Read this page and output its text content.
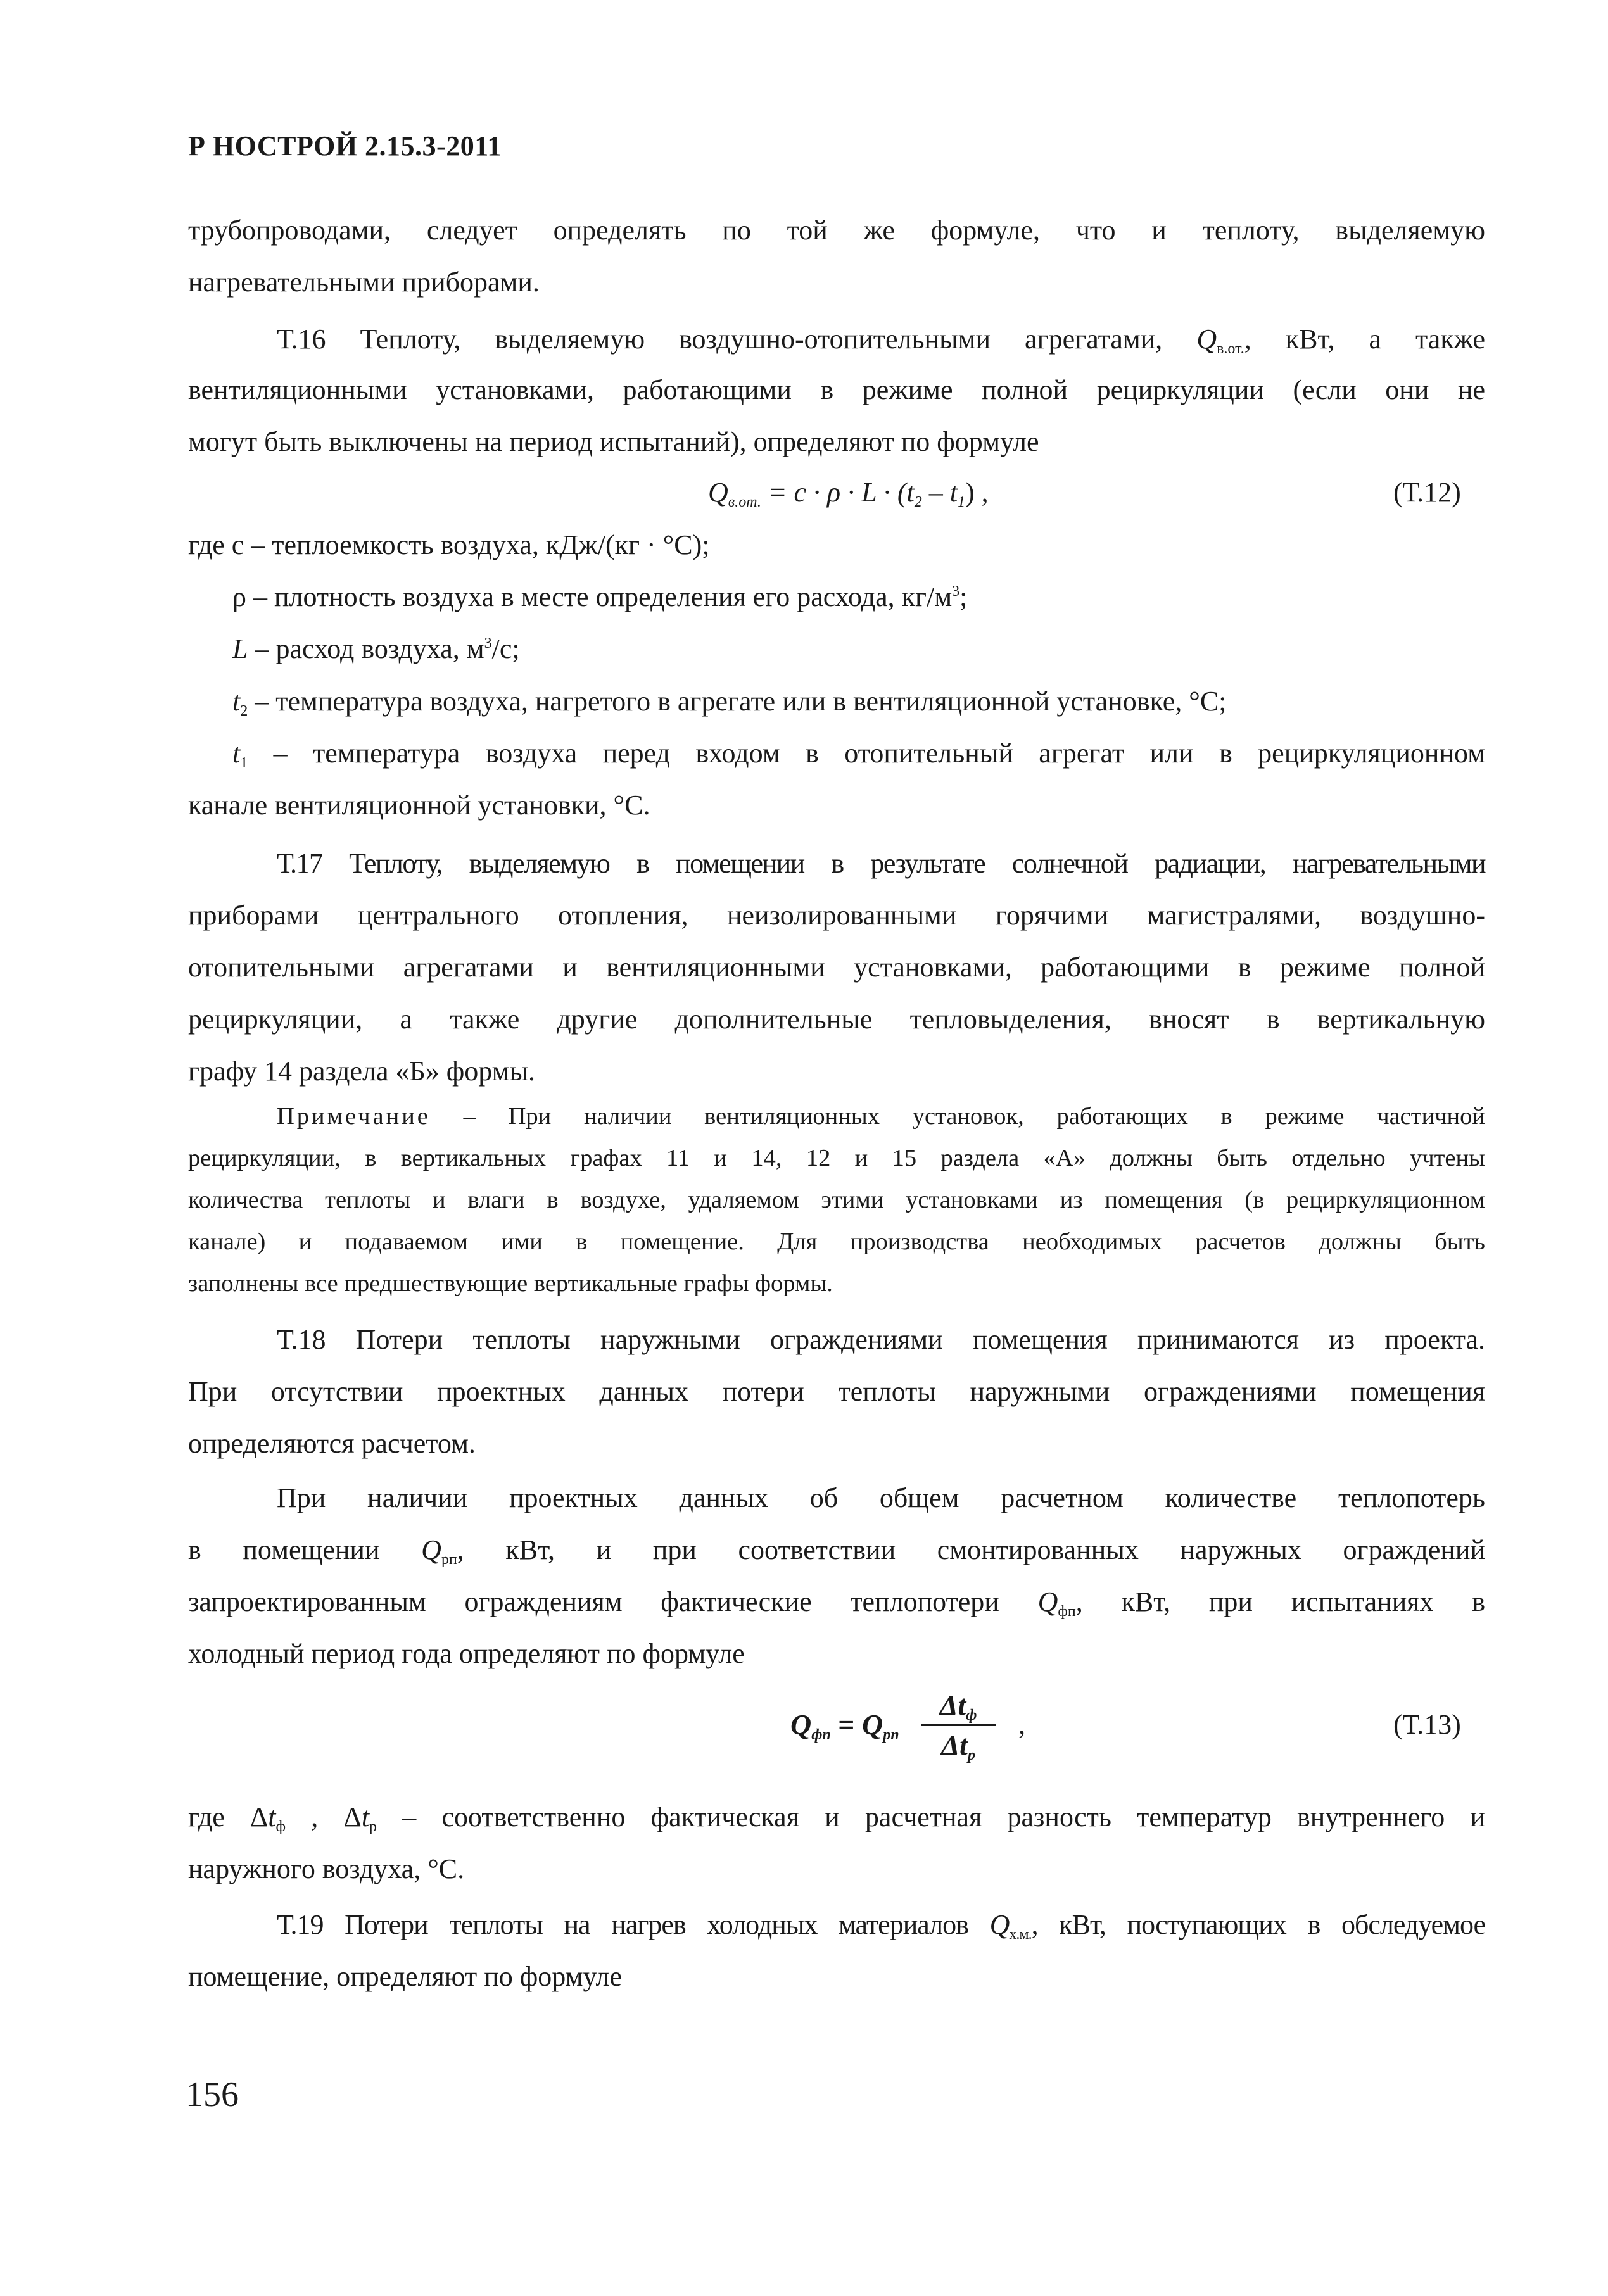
Р НОСТРОЙ 2.15.3-2011
трубопроводами, следует определять по той же формуле, что и теплоту, выделяемую
нагревательными приборами.
Т.16 Теплоту, выделяемую воздушно-отопительными агрегатами, $Q_{в.от.}$, кВт, а также
вентиляционными установками, работающими в режиме полной рециркуляции (если они не
могут быть выключены на период испытаний), определяют по формуле
$Q_{в.от.} = c \cdot \rho \cdot L \cdot (t_2 - t_1)$ ,	(Т.12)
где с – теплоемкость воздуха, кДж/(кг · °С);
ρ – плотность воздуха в месте определения его расхода, $кг/м^3$;
L – расход воздуха, $м^3/с$;
$t_2$ – температура воздуха, нагретого в агрегате или в вентиляционной установке, °С;
$t_1$ – температура воздуха перед входом в отопительный агрегат или в рециркуляционном
канале вентиляционной установки, °С.
Т.17 Теплоту, выделяемую в помещении в результате солнечной радиации, нагревательными
приборами центрального отопления, неизолированными горячими магистралями, воздушно-
отопительными агрегатами и вентиляционными установками, работающими в режиме полной
рециркуляции, а также другие дополнительные тепловыделения, вносят в вертикальную
графу 14 раздела «Б» формы.
Примечание – При наличии вентиляционных установок, работающих в режиме частичной
рециркуляции, в вертикальных графах 11 и 14, 12 и 15 раздела «А» должны быть отдельно учтены
количества теплоты и влаги в воздухе, удаляемом этими установками из помещения (в рециркуляционном
канале) и подаваемом ими в помещение. Для производства необходимых расчетов должны быть
заполнены все предшествующие вертикальные графы формы.
Т.18 Потери теплоты наружными ограждениями помещения принимаются из проекта.
При отсутствии проектных данных потери теплоты наружными ограждениями помещения
определяются расчетом.
При наличии проектных данных об общем расчетном количестве теплопотерь
в помещении $Q_{рп}$, кВт, и при соответствии смонтированных наружных ограждений
запроектированным ограждениям фактические теплопотери $Q_{фп}$, кВт, при испытаниях в
холодный период года определяют по формуле
$Q_{фп} = Q_{рп}$
$\Delta t_ф$
$\Delta t_р$
,	(Т.13)
где $\Delta t_ф$ , $\Delta t_р$ – соответственно фактическая и расчетная разность температур внутреннего и
наружного воздуха, °С.
Т.19 Потери теплоты на нагрев холодных материалов $Q_{х.м.}$, кВт, поступающих в обследуемое
помещение, определяют по формуле
156
